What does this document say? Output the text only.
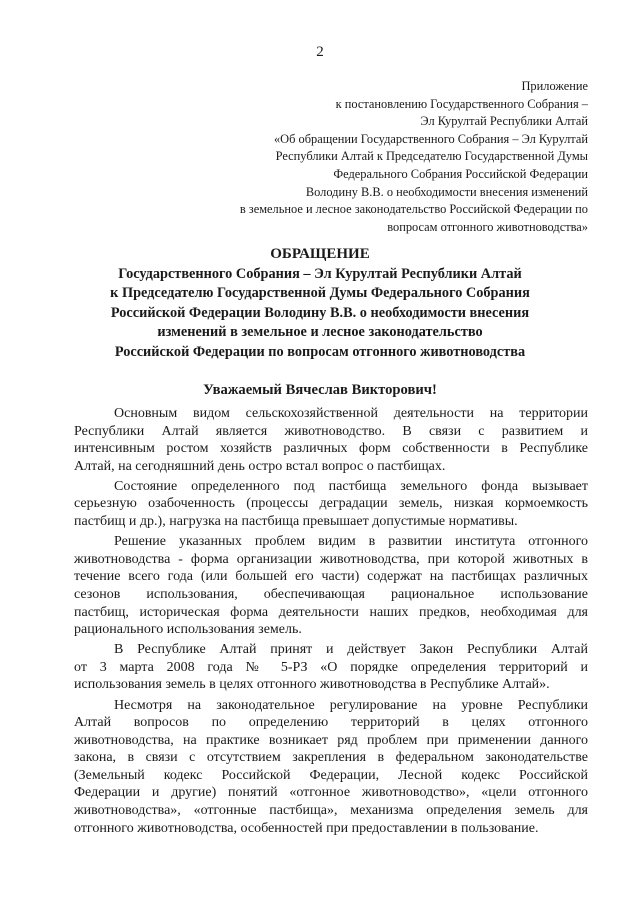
2
Приложение
к постановлению Государственного Собрания –
Эл Курултай Республики Алтай
«Об обращении Государственного Собрания – Эл Курултай
Республики Алтай к Председателю Государственной Думы
Федерального Собрания Российской Федерации
Володину В.В. о необходимости внесения изменений
в земельное и лесное законодательство Российской Федерации по
вопросам отгонного животноводства»
ОБРАЩЕНИЕ
Государственного Собрания – Эл Курултай Республики Алтай
к Председателю Государственной Думы Федерального Собрания
Российской Федерации Володину В.В. о необходимости внесения
изменений в земельное и лесное законодательство
Российской Федерации по вопросам отгонного животноводства
Уважаемый Вячеслав Викторович!
Основным видом сельскохозяйственной деятельности на территории
Республики Алтай является животноводство. В связи с развитием и
интенсивным ростом хозяйств различных форм собственности в Республике
Алтай, на сегодняшний день остро встал вопрос о пастбищах.
Состояние определенного под пастбища земельного фонда вызывает
серьезную озабоченность (процессы деградации земель, низкая кормоемкость
пастбищ и др.), нагрузка на пастбища превышает допустимые нормативы.
Решение указанных проблем видим в развитии института отгонного
животноводства - форма организации животноводства, при которой животных в
течение всего года (или большей его части) содержат на пастбищах различных
сезонов использования, обеспечивающая рациональное использование
пастбищ, историческая форма деятельности наших предков, необходимая для
рационального использования земель.
В Республике Алтай принят и действует Закон Республики Алтай
от 3 марта 2008 года № 5-РЗ «О порядке определения территорий и
использования земель в целях отгонного животноводства в Республике Алтай».
Несмотря на законодательное регулирование на уровне Республики
Алтай вопросов по определению территорий в целях отгонного
животноводства, на практике возникает ряд проблем при применении данного
закона, в связи с отсутствием закрепления в федеральном законодательстве
(Земельный кодекс Российской Федерации, Лесной кодекс Российской
Федерации и другие) понятий «отгонное животноводство», «цели отгонного
животноводства», «отгонные пастбища», механизма определения земель для
отгонного животноводства, особенностей при предоставлении в пользование.
